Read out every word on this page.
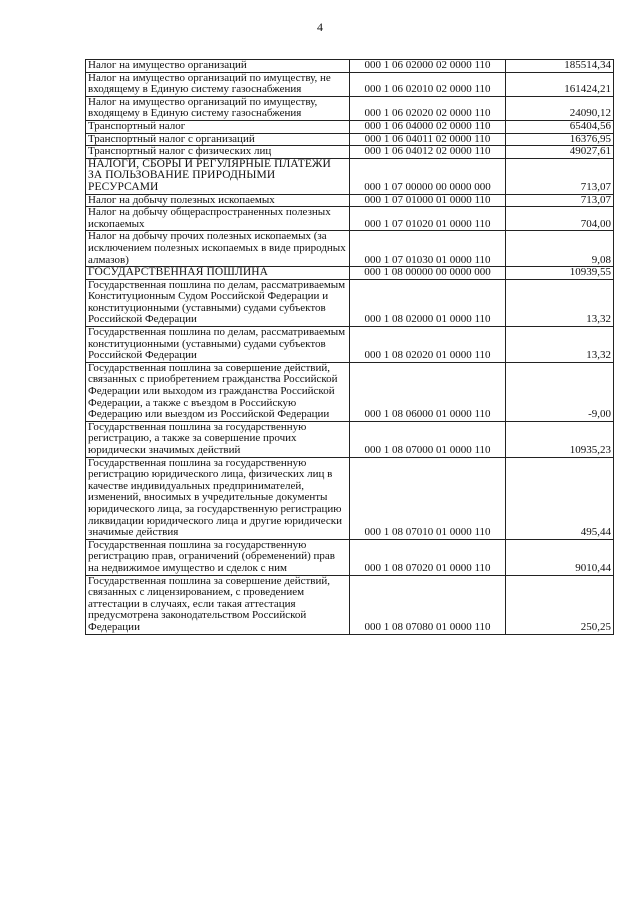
4
Налог на имущество организаций	000 1 06 02000 02 0000 110	185514,34
Налог на имущество организаций по имуществу, не входящему в Единую систему газоснабжения	000 1 06 02010 02 0000 110	161424,21
Налог на имущество организаций по имуществу, входящему в Единую систему газоснабжения	000 1 06 02020 02 0000 110	24090,12
Транспортный налог	000 1 06 04000 02 0000 110	65404,56
Транспортный налог с организаций	000 1 06 04011 02 0000 110	16376,95
Транспортный налог с физических лиц	000 1 06 04012 02 0000 110	49027,61
НАЛОГИ, СБОРЫ И РЕГУЛЯРНЫЕ ПЛАТЕЖИ ЗА ПОЛЬЗОВАНИЕ ПРИРОДНЫМИ РЕСУРСАМИ	000 1 07 00000 00 0000 000	713,07
Налог на добычу полезных ископаемых	000 1 07 01000 01 0000 110	713,07
Налог на добычу общераспространенных полезных ископаемых	000 1 07 01020 01 0000 110	704,00
Налог на добычу прочих полезных ископаемых (за исключением полезных ископаемых в виде природных алмазов)	000 1 07 01030 01 0000 110	9,08
ГОСУДАРСТВЕННАЯ ПОШЛИНА	000 1 08 00000 00 0000 000	10939,55
Государственная пошлина по делам, рассматриваемым Конституционным Судом Российской Федерации и конституционными (уставными) судами субъектов Российской Федерации	000 1 08 02000 01 0000 110	13,32
Государственная пошлина по делам, рассматриваемым конституционными (уставными) судами субъектов Российской Федерации	000 1 08 02020 01 0000 110	13,32
Государственная пошлина за совершение действий, связанных с приобретением гражданства Российской Федерации или выходом из гражданства Российской Федерации, а также с въездом в Российскую Федерацию или выездом из Российской Федерации	000 1 08 06000 01 0000 110	-9,00
Государственная пошлина за государственную регистрацию, а также за совершение прочих юридически значимых действий	000 1 08 07000 01 0000 110	10935,23
Государственная пошлина за государственную регистрацию юридического лица, физических лиц в качестве индивидуальных предпринимателей, изменений, вносимых в учредительные документы юридического лица, за государственную регистрацию ликвидации юридического лица и другие юридически значимые действия	000 1 08 07010 01 0000 110	495,44
Государственная пошлина за государственную регистрацию прав, ограничений (обременений) прав на недвижимое имущество и сделок с ним	000 1 08 07020 01 0000 110	9010,44
Государственная пошлина за совершение действий, связанных с лицензированием, с проведением аттестации в случаях, если такая аттестация предусмотрена законодательством Российской Федерации	000 1 08 07080 01 0000 110	250,25
